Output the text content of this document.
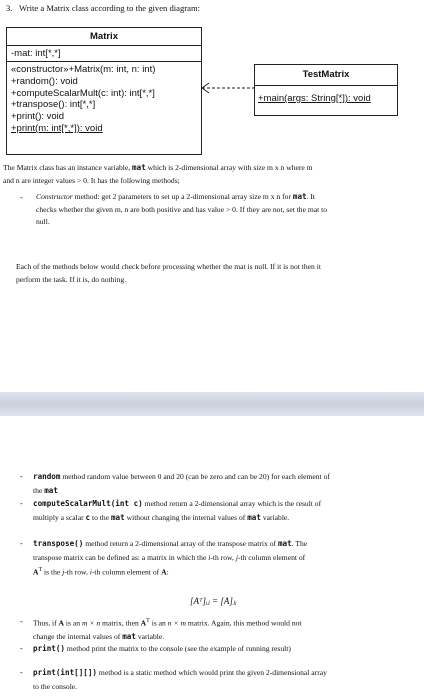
3. Write a Matrix class according to the given diagram:
Matrix
-mat: int[*,*]
«constructor»+Matrix(m: int, n: int)
+random(): void
+computeScalarMult(c: int): int[*,*]
+transpose(): int[*,*]
+print(): void
+print(m: int[*,*]): void
TestMatrix
+main(args: String[*]): void
The Matrix class has an instance variable, mat which is 2-dimensional array with size m x n where m
and n are integer values > 0. It has the following methods;
- Constructor method: get 2 parameters to set up a 2-dimensional array size m x n for mat. It
checks whether the given m, n are both positive and has value > 0. If they are not, set the mat to
null.
Each of the methods below would check before processing whether the mat is null. If it is not then it
perform the task. If it is, do nothing.
- random method random value between 0 and 20 (can be zero and can be 20) for each element of
the mat
- computeScalarMult(int c) method return a 2-dimensional array which is the result of
multiply a scalar c to the mat without changing the internal values of mat variable.
- transpose() method return a 2-dimensional array of the transpose matrix of mat. The
transpose matrix can be defined as: a matrix in which the i-th row, j-th column element of
$A^T$ is the j-th row, i-th column element of A:
- Thus, if A is an m × n matrix, then $A^T$ is an n × m matrix. Again, this method would not
change the internal values of mat variable.
- print() method print the matrix to the console (see the example of running result)
- print(int[][]) method is a static method which would print the given 2-dimensional array
to the console.
[Aᵀ]ᵢⱼ = [A]ⱼᵢ
